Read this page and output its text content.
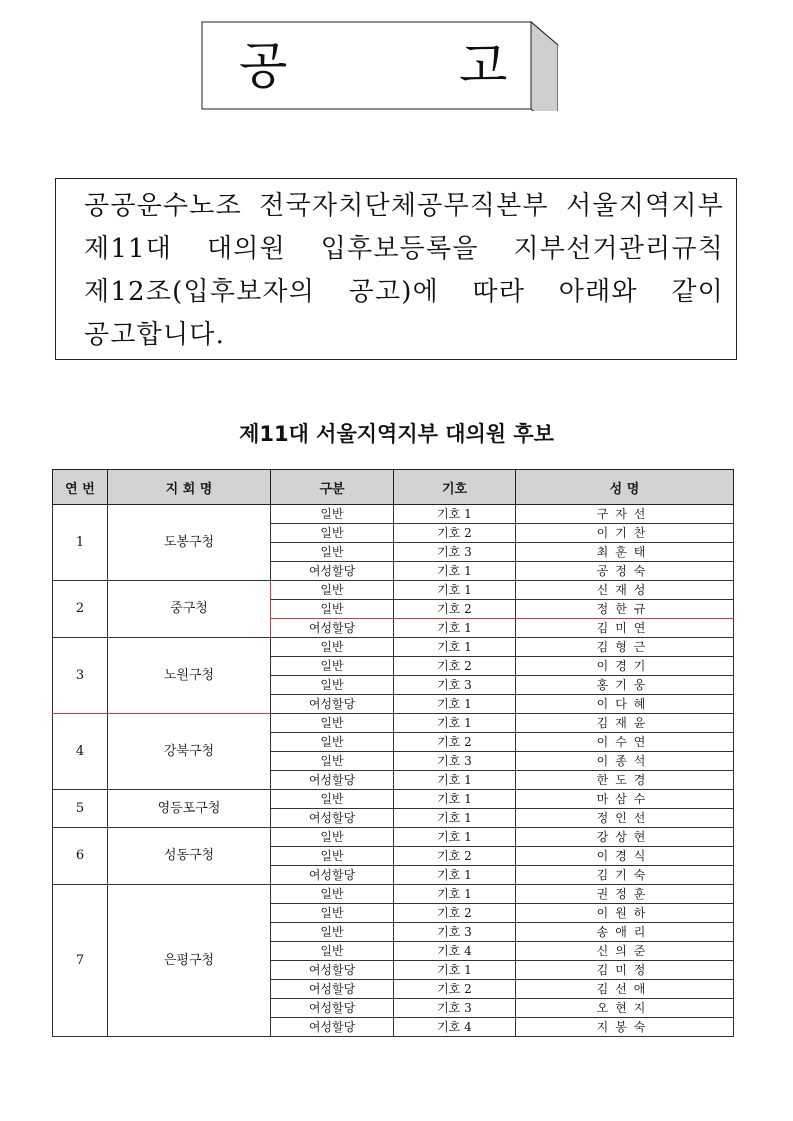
공	고
공공운수노조 전국자치단체공무직본부 서울지역지부 제11대 대의원 입후보등록을 지부선거관리규칙 제12조(입후보자의 공고)에 따라 아래와 같이 공고합니다.
제11대 서울지역지부 대의원 후보
연 번	지 회 명	구분	기호	성 명
1	도봉구청	일반	기호 1	구자선
		일반	기호 2	이기찬
		일반	기호 3	최훈태
		여성할당	기호 1	공정숙
2	중구청	일반	기호 1	신재성
		일반	기호 2	정한규
		여성할당	기호 1	김미연
3	노원구청	일반	기호 1	김형근
		일반	기호 2	이경기
		일반	기호 3	홍기웅
		여성할당	기호 1	이다혜
4	강북구청	일반	기호 1	김재윤
		일반	기호 2	이수연
		일반	기호 3	이종석
		여성할당	기호 1	한도경
5	영등포구청	일반	기호 1	마삼수
		여성할당	기호 1	정인선
6	성동구청	일반	기호 1	강상현
		일반	기호 2	이경식
		여성할당	기호 1	김기숙
7	은평구청	일반	기호 1	권정훈
		일반	기호 2	이원하
		일반	기호 3	송애리
		일반	기호 4	신의준
		여성할당	기호 1	김미정
		여성할당	기호 2	김선애
		여성할당	기호 3	오현지
		여성할당	기호 4	지봉숙
